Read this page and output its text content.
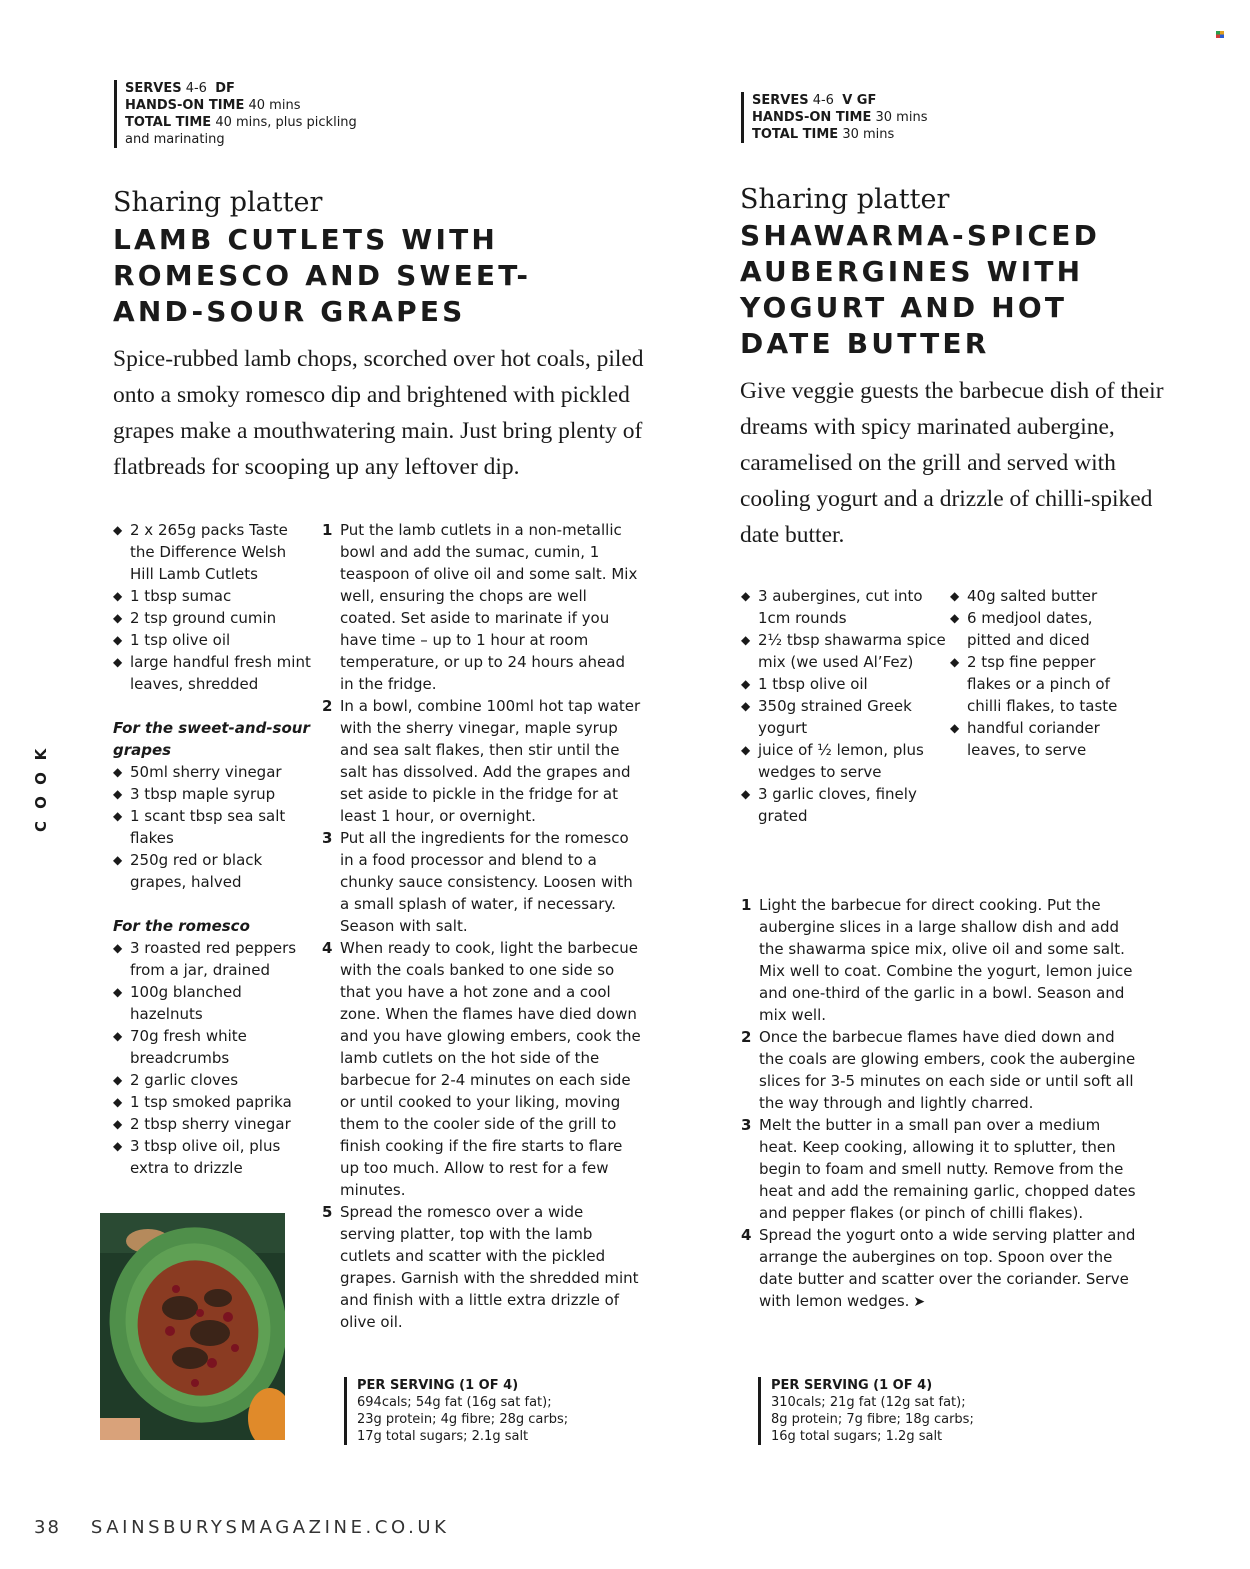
SERVES 4-6 DF
HANDS-ON TIME 40 mins
TOTAL TIME 40 mins, plus pickling
and marinating
SERVES 4-6 V GF
HANDS-ON TIME 30 mins
TOTAL TIME 30 mins
Sharing platter	Sharing platter
LAMB CUTLETS WITH
ROMESCO AND SWEET-
AND-SOUR GRAPES
SHAWARMA-SPICED
AUBERGINES WITH
YOGURT AND HOT
DATE BUTTER

Spice-rubbed lamb chops, scorched over hot coals, piled onto a smoky romesco dip and brightened with pickled grapes make a mouthwatering main. Just bring plenty of flatbreads for scooping up any leftover dip.

Give veggie guests the barbecue dish of their dreams with spicy marinated aubergine, caramelised on the grill and served with cooling yogurt and a drizzle of chilli-spiked date butter.

◆ 2 x 265g packs Taste the Difference Welsh Hill Lamb Cutlets
◆ 1 tbsp sumac
◆ 2 tsp ground cumin
◆ 1 tsp olive oil
◆ large handful fresh mint leaves, shredded
For the sweet-and-sour grapes
◆ 50ml sherry vinegar
◆ 3 tbsp maple syrup
◆ 1 scant tbsp sea salt flakes
◆ 250g red or black grapes, halved
For the romesco
◆ 3 roasted red peppers from a jar, drained
◆ 100g blanched hazelnuts
◆ 70g fresh white breadcrumbs
◆ 2 garlic cloves
◆ 1 tsp smoked paprika
◆ 2 tbsp sherry vinegar
◆ 3 tbsp olive oil, plus extra to drizzle
1 Put the lamb cutlets in a non-metallic bowl and add the sumac, cumin, 1 teaspoon of olive oil and some salt. Mix well, ensuring the chops are well coated. Set aside to marinate if you have time – up to 1 hour at room temperature, or up to 24 hours ahead in the fridge.
2 In a bowl, combine 100ml hot tap water with the sherry vinegar, maple syrup and sea salt flakes, then stir until the salt has dissolved. Add the grapes and set aside to pickle in the fridge for at least 1 hour, or overnight.
3 Put all the ingredients for the romesco in a food processor and blend to a chunky sauce consistency. Loosen with a small splash of water, if necessary. Season with salt.
4 When ready to cook, light the barbecue with the coals banked to one side so that you have a hot zone and a cool zone. When the flames have died down and you have glowing embers, cook the lamb cutlets on the hot side of the barbecue for 2-4 minutes on each side or until cooked to your liking, moving them to the cooler side of the grill to finish cooking if the fire starts to flare up too much. Allow to rest for a few minutes.
5 Spread the romesco over a wide serving platter, top with the lamb cutlets and scatter with the pickled grapes. Garnish with the shredded mint and finish with a little extra drizzle of olive oil.
◆ 3 aubergines, cut into 1cm rounds
◆ 2½ tbsp shawarma spice mix (we used Al’Fez)
◆ 1 tbsp olive oil
◆ 350g strained Greek yogurt
◆ juice of ½ lemon, plus wedges to serve
◆ 3 garlic cloves, finely grated
◆ 40g salted butter
◆ 6 medjool dates, pitted and diced
◆ 2 tsp fine pepper flakes or a pinch of chilli flakes, to taste
◆ handful coriander leaves, to serve
1 Light the barbecue for direct cooking. Put the aubergine slices in a large shallow dish and add the shawarma spice mix, olive oil and some salt. Mix well to coat. Combine the yogurt, lemon juice and one-third of the garlic in a bowl. Season and mix well.
2 Once the barbecue flames have died down and the coals are glowing embers, cook the aubergine slices for 3-5 minutes on each side or until soft all the way through and lightly charred.
3 Melt the butter in a small pan over a medium heat. Keep cooking, allowing it to splutter, then begin to foam and smell nutty. Remove from the heat and add the remaining garlic, chopped dates and pepper flakes (or pinch of chilli flakes).
4 Spread the yogurt onto a wide serving platter and arrange the aubergines on top. Spoon over the date butter and scatter over the coriander. Serve with lemon wedges. ➤
PER SERVING (1 OF 4)
694cals; 54g fat (16g sat fat);
23g protein; 4g fibre; 28g carbs;
17g total sugars; 2.1g salt
PER SERVING (1 OF 4)
310cals; 21g fat (12g sat fat);
8g protein; 7g fibre; 18g carbs;
16g total sugars; 1.2g salt
K
O
O
C
38 SAINSBURYSMAGAZINE.CO.UK
